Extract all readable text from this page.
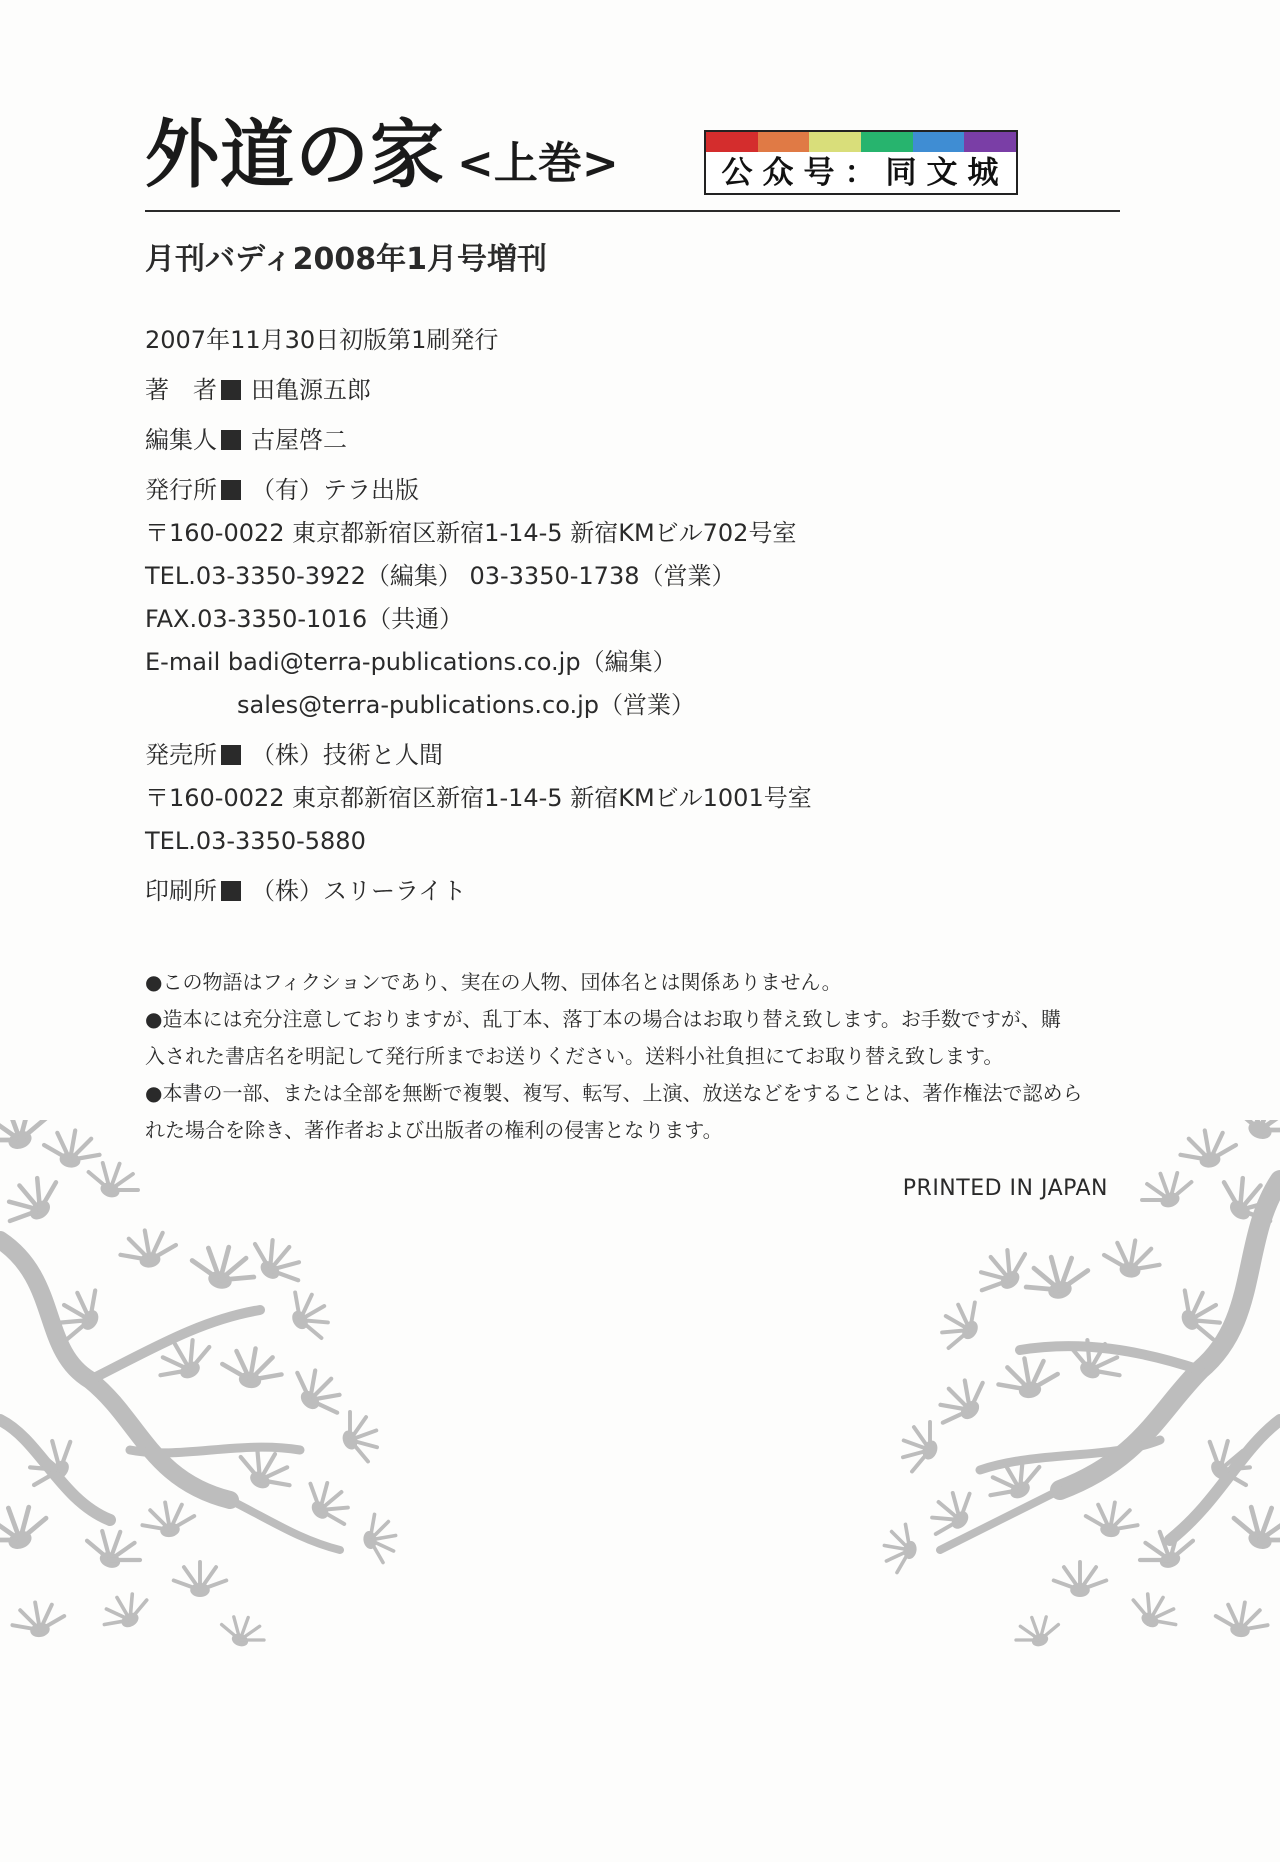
外道の家 <上巻>	公众号：同文城
月刊バディ2008年1月号増刊
2007年11月30日初版第1刷発行
著　者 田亀源五郎
編集人 古屋啓二
発行所 （有）テラ出版
〒160-0022 東京都新宿区新宿1-14-5 新宿KMビル702号室
TEL.03-3350-3922（編集） 03-3350-1738（営業）
FAX.03-3350-1016（共通）
E-mail badi@terra-publications.co.jp（編集）
sales@terra-publications.co.jp（営業）
発売所 （株）技術と人間
〒160-0022 東京都新宿区新宿1-14-5 新宿KMビル1001号室
TEL.03-3350-5880
印刷所 （株）スリーライト
●この物語はフィクションであり、実在の人物、団体名とは関係ありません。
●造本には充分注意しておりますが、乱丁本、落丁本の場合はお取り替え致します。お手数ですが、購
入された書店名を明記して発行所までお送りください。送料小社負担にてお取り替え致します。
●本書の一部、または全部を無断で複製、複写、転写、上演、放送などをすることは、著作権法で認めら
れた場合を除き、著作者および出版者の権利の侵害となります。
PRINTED IN JAPAN
